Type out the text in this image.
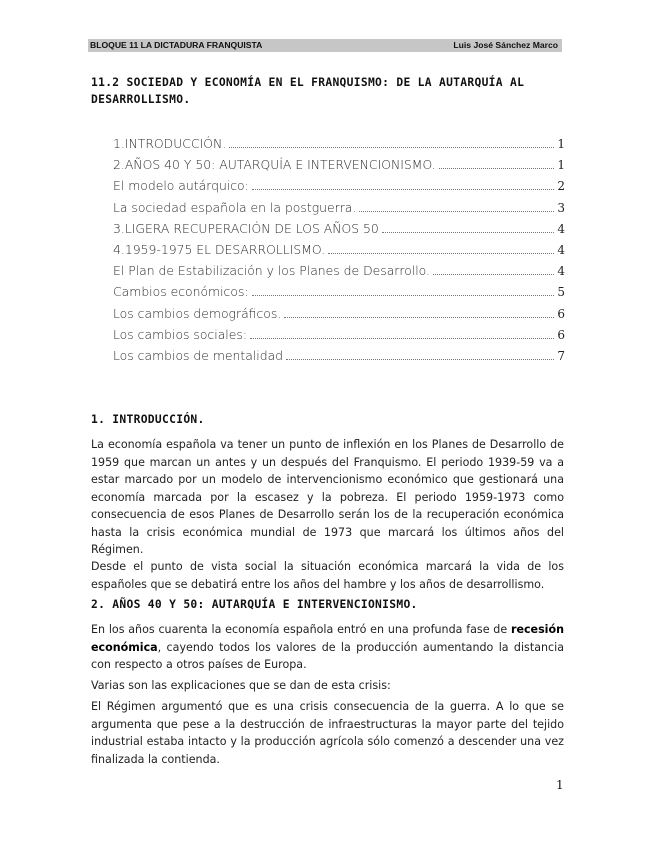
BLOQUE 11 LA DICTADURA FRANQUISTA	Luis José Sánchez Marco
11.2 SOCIEDAD Y ECONOMÍA EN EL FRANQUISMO: DE LA AUTARQUÍA AL DESARROLLISMO.
1.INTRODUCCIÓN.	1
2.AÑOS 40 Y 50: AUTARQUÍA E INTERVENCIONISMO.	1
El modelo autárquico:	2
La sociedad española en la postguerra.	3
3.LIGERA RECUPERACIÓN DE LOS AÑOS 50	4
4.1959-1975 EL DESARROLLISMO.	4
El Plan de Estabilización y los Planes de Desarrollo.	4
Cambios económicos:	5
Los cambios demográficos.	6
Los cambios sociales:	6
Los cambios de mentalidad	7
1. INTRODUCCIÓN.

La economía española va tener un punto de inflexión en los Planes de Desarrollo de 1959 que marcan un antes y un después del Franquismo. El periodo 1939-59 va a estar marcado por un modelo de intervencionismo económico que gestionará una economía marcada por la escasez y la pobreza. El periodo 1959-1973 como consecuencia de esos Planes de Desarrollo serán los de la recuperación económica hasta la crisis económica mundial de 1973 que marcará los últimos años del Régimen.

Desde el punto de vista social la situación económica marcará la vida de los españoles que se debatirá entre los años del hambre y los años de desarrollismo.

2. AÑOS 40 Y 50: AUTARQUÍA E INTERVENCIONISMO.

En los años cuarenta la economía española entró en una profunda fase de recesión económica, cayendo todos los valores de la producción aumentando la distancia con respecto a otros países de Europa.

Varias son las explicaciones que se dan de esta crisis:

El Régimen argumentó que es una crisis consecuencia de la guerra. A lo que se argumenta que pese a la destrucción de infraestructuras la mayor parte del tejido industrial estaba intacto y la producción agrícola sólo comenzó a descender una vez finalizada la contienda.

1
